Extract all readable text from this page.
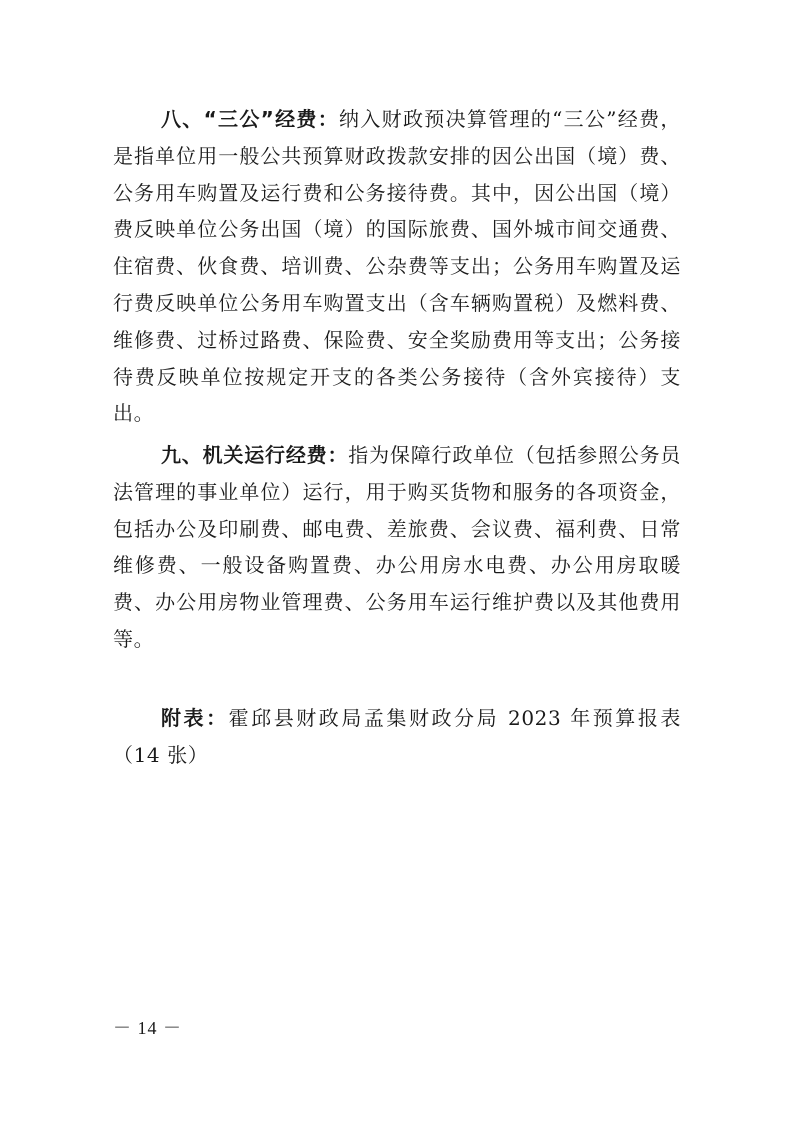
八、“三公”经费：纳入财政预决算管理的“三公”经费，是指单位用一般公共预算财政拨款安排的因公出国（境）费、公务用车购置及运行费和公务接待费。其中，因公出国（境）费反映单位公务出国（境）的国际旅费、国外城市间交通费、住宿费、伙食费、培训费、公杂费等支出；公务用车购置及运行费反映单位公务用车购置支出（含车辆购置税）及燃料费、维修费、过桥过路费、保险费、安全奖励费用等支出；公务接待费反映单位按规定开支的各类公务接待（含外宾接待）支出。

九、机关运行经费：指为保障行政单位（包括参照公务员法管理的事业单位）运行，用于购买货物和服务的各项资金，包括办公及印刷费、邮电费、差旅费、会议费、福利费、日常维修费、一般设备购置费、办公用房水电费、办公用房取暖费、办公用房物业管理费、公务用车运行维护费以及其他费用等。

附表：霍邱县财政局孟集财政分局 2023 年预算报表（14 张）

－ 14 －
